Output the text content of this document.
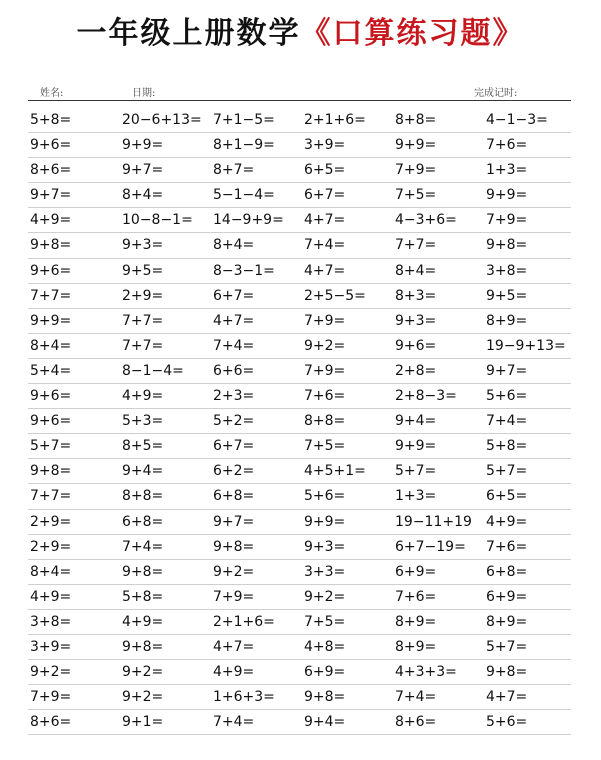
一年级上册数学《口算练习题》
姓名:	日期:	完成记时:
5+8=	20−6+13= 7+1−5= 2+1+6= 8+8=	4−1−3=
9+6=	9+9=	8+1−9= 3+9=	9+9=	7+6=
8+6=	9+7=	8+7=	6+5=	7+9=	1+3=
9+7=	8+4=	5−1−4= 6+7=	7+5=	9+9=
4+9=	10−8−1= 14−9+9= 4+7=	4−3+6= 7+9=
9+8=	9+3=	8+4=	7+4=	7+7=	9+8=
9+6=	9+5=	8−3−1= 4+7=	8+4=	3+8=
7+7=	2+9=	6+7=	2+5−5= 8+3=	9+5=
9+9=	7+7=	4+7=	7+9=	9+3=	8+9=
8+4=	7+7=	7+4=	9+2=	9+6=	19−9+13=
5+4=	8−1−4= 6+6=	7+9=	2+8=	9+7=
9+6=	4+9=	2+3=	7+6=	2+8−3= 5+6=
9+6=	5+3=	5+2=	8+8=	9+4=	7+4=
5+7=	8+5=	6+7=	7+5=	9+9=	5+8=
9+8=	9+4=	6+2=	4+5+1= 5+7=	5+7=
7+7=	8+8=	6+8=	5+6=	1+3=	6+5=
2+9=	6+8=	9+7=	9+9=	19−11+19 4+9=
2+9=	7+4=	9+8=	9+3=	6+7−19= 7+6=
8+4=	9+8=	9+2=	3+3=	6+9=	6+8=
4+9=	5+8=	7+9=	9+2=	7+6=	6+9=
3+8=	4+9=	2+1+6= 7+5=	8+9=	8+9=
3+9=	9+8=	4+7=	4+8=	8+9=	5+7=
9+2=	9+2=	4+9=	6+9=	4+3+3= 9+8=
7+9=	9+2=	1+6+3= 9+8=	7+4=	4+7=
8+6=	9+1=	7+4=	9+4=	8+6=	5+6=
